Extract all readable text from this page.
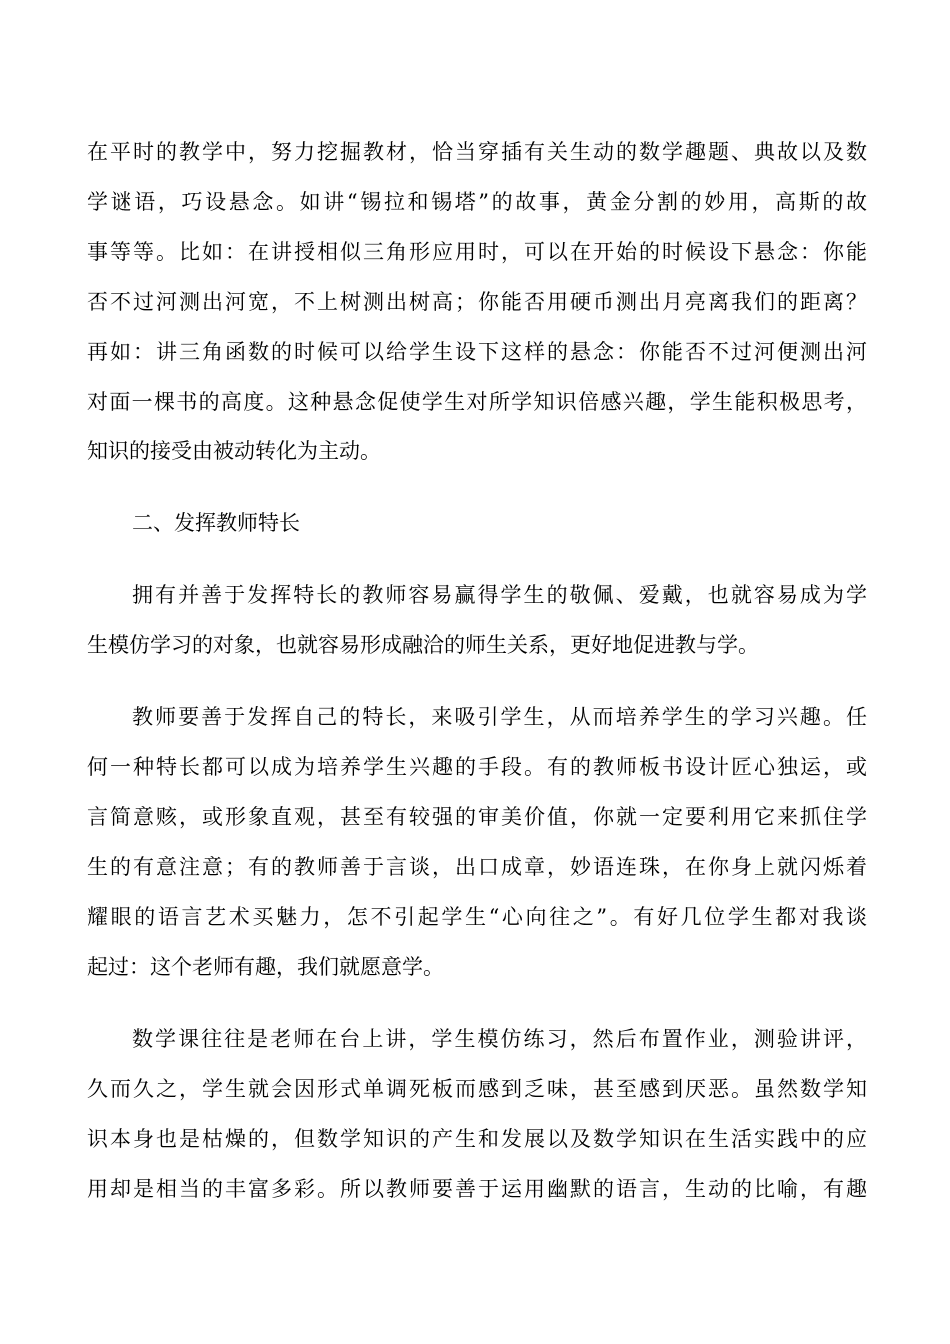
在平时的教学中，努力挖掘教材，恰当穿插有关生动的数学趣题、典故以及数
学谜语，巧设悬念。如讲“锡拉和锡塔”的故事，黄金分割的妙用，高斯的故
事等等。比如：在讲授相似三角形应用时，可以在开始的时候设下悬念：你能
否不过河测出河宽，不上树测出树高；你能否用硬币测出月亮离我们的距离？
再如：讲三角函数的时候可以给学生设下这样的悬念：你能否不过河便测出河
对面一棵书的高度。这种悬念促使学生对所学知识倍感兴趣，学生能积极思考，
知识的接受由被动转化为主动。
二、发挥教师特长
拥有并善于发挥特长的教师容易赢得学生的敬佩、爱戴，也就容易成为学
生模仿学习的对象，也就容易形成融洽的师生关系，更好地促进教与学。
教师要善于发挥自己的特长，来吸引学生，从而培养学生的学习兴趣。任
何一种特长都可以成为培养学生兴趣的手段。有的教师板书设计匠心独运，或
言简意赅，或形象直观，甚至有较强的审美价值，你就一定要利用它来抓住学
生的有意注意；有的教师善于言谈，出口成章，妙语连珠，在你身上就闪烁着
耀眼的语言艺术买魅力，怎不引起学生“心向往之”。有好几位学生都对我谈
起过：这个老师有趣，我们就愿意学。
数学课往往是老师在台上讲，学生模仿练习，然后布置作业，测验讲评，
久而久之，学生就会因形式单调死板而感到乏味，甚至感到厌恶。虽然数学知
识本身也是枯燥的，但数学知识的产生和发展以及数学知识在生活实践中的应
用却是相当的丰富多彩。所以教师要善于运用幽默的语言，生动的比喻，有趣
